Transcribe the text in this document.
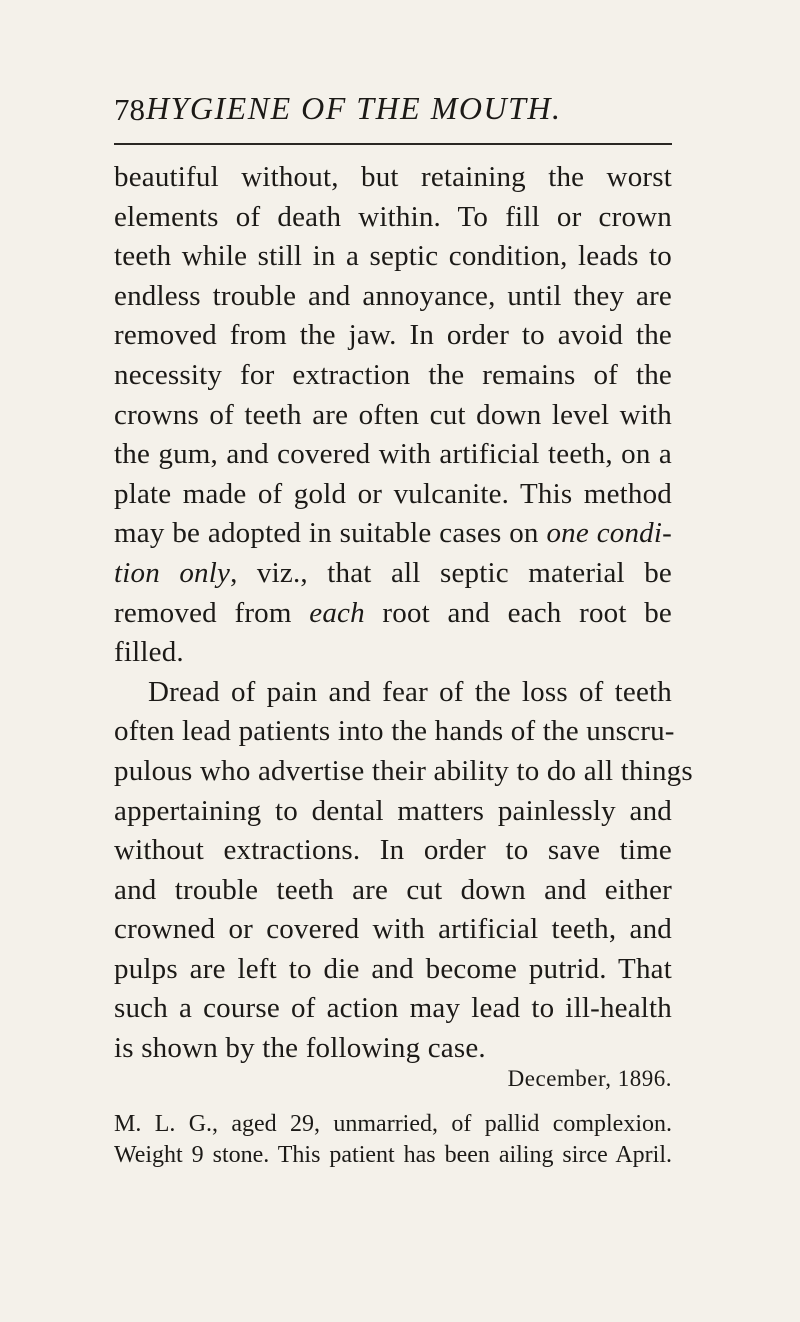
78 HYGIENE OF THE MOUTH.
beautiful without, but retaining the worst
elements of death within. To fill or crown
teeth while still in a septic condition, leads to
endless trouble and annoyance, until they are
removed from the jaw. In order to avoid the
necessity for extraction the remains of the
crowns of teeth are often cut down level with
the gum, and covered with artificial teeth, on a
plate made of gold or vulcanite. This method
may be adopted in suitable cases on one condi-
tion only, viz., that all septic material be
removed from each root and each root be
filled.
Dread of pain and fear of the loss of teeth
often lead patients into the hands of the unscru-
pulous who advertise their ability to do all things
appertaining to dental matters painlessly and
without extractions. In order to save time
and trouble teeth are cut down and either
crowned or covered with artificial teeth, and
pulps are left to die and become putrid. That
such a course of action may lead to ill-health
is shown by the following case.
December, 1896.
M. L. G., aged 29, unmarried, of pallid complexion.
Weight 9 stone. This patient has been ailing sirce April.
